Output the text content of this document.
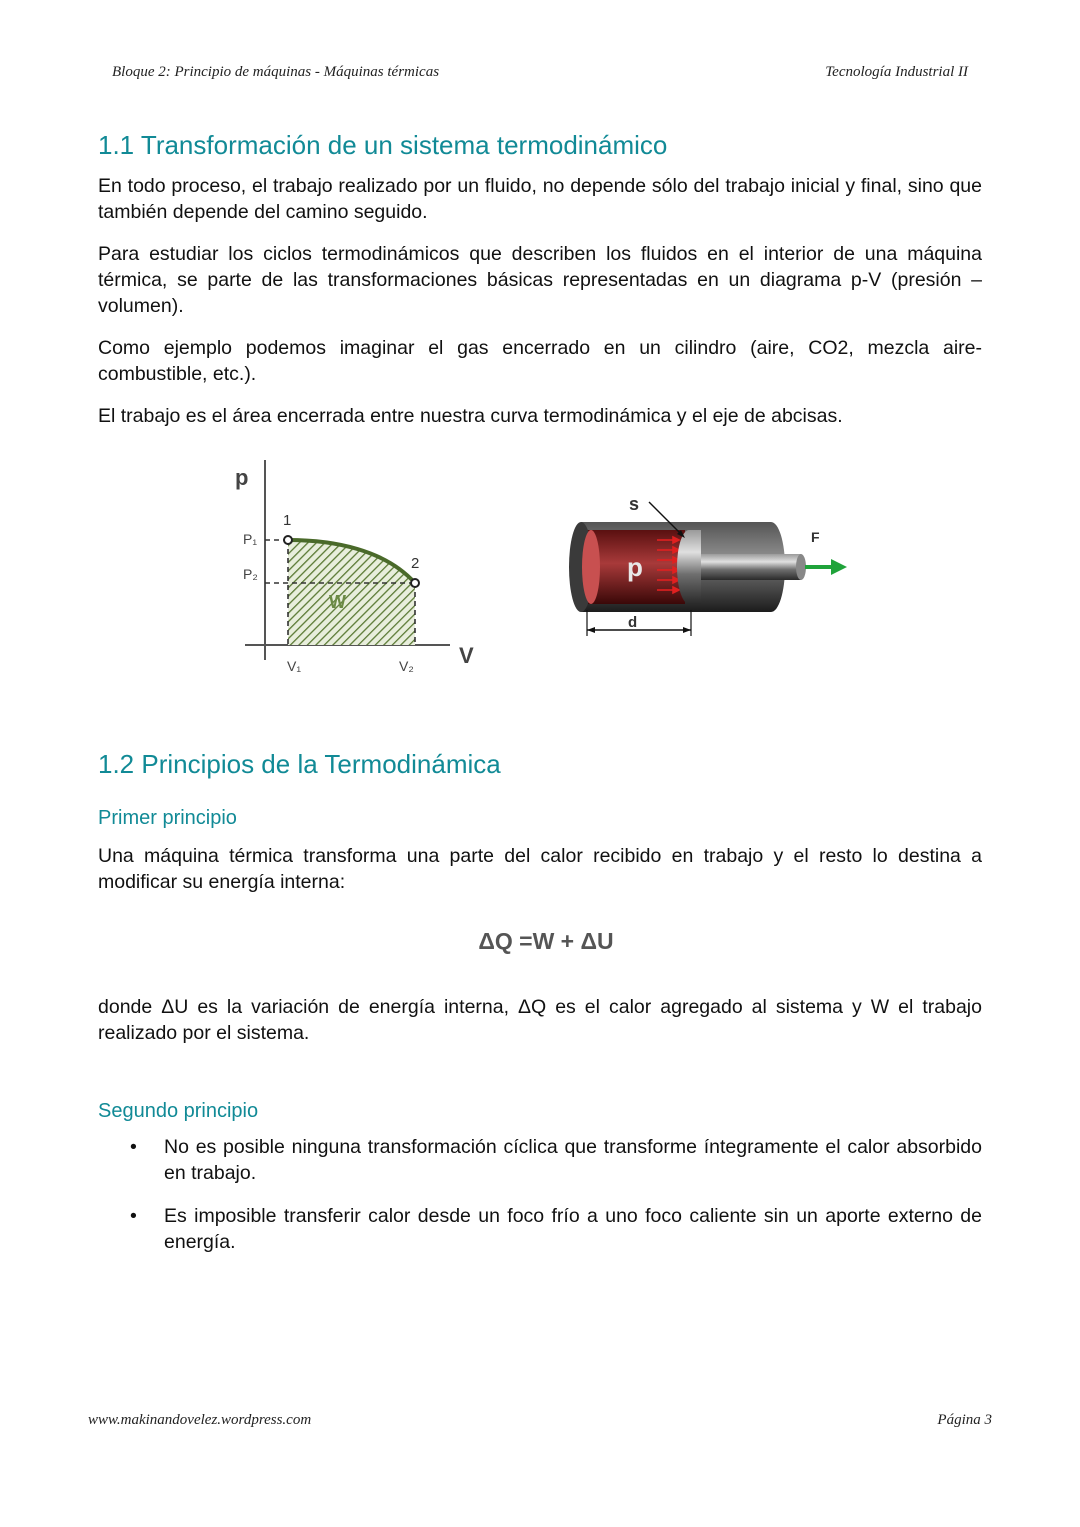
Bloque 2: Principio de máquinas - Máquinas térmicas	Tecnología Industrial II
1.1 Transformación de un sistema termodinámico

En todo proceso, el trabajo realizado por un fluido, no depende sólo del trabajo inicial y final, sino que también depende del camino seguido.

Para estudiar los ciclos termodinámicos que describen los fluidos en el interior de una máquina térmica, se parte de las transformaciones básicas representadas en un diagrama p-V (presión – volumen).

Como ejemplo podemos imaginar el gas encerrado en un cilindro (aire, CO2, mezcla aire-combustible, etc.).

El trabajo es el área encerrada entre nuestra curva termodinámica y el eje de abcisas.

p
V
P₁
P₂
V₁	V₂
1
2
W
s
p
d
F
1.2 Principios de la Termodinámica
Primer principio

Una máquina térmica transforma una parte del calor recibido en trabajo y el resto lo destina a modificar su energía interna:

ΔQ =W + ΔU

donde ΔU es la variación de energía interna, ΔQ es el calor agregado al sistema y W el trabajo realizado por el sistema.

Segundo principio
• No es posible ninguna transformación cíclica que transforme íntegramente el calor absorbido en trabajo.
• Es imposible transferir calor desde un foco frío a uno foco caliente sin un aporte externo de energía.
www.makinandovelez.wordpress.com	Página 3
